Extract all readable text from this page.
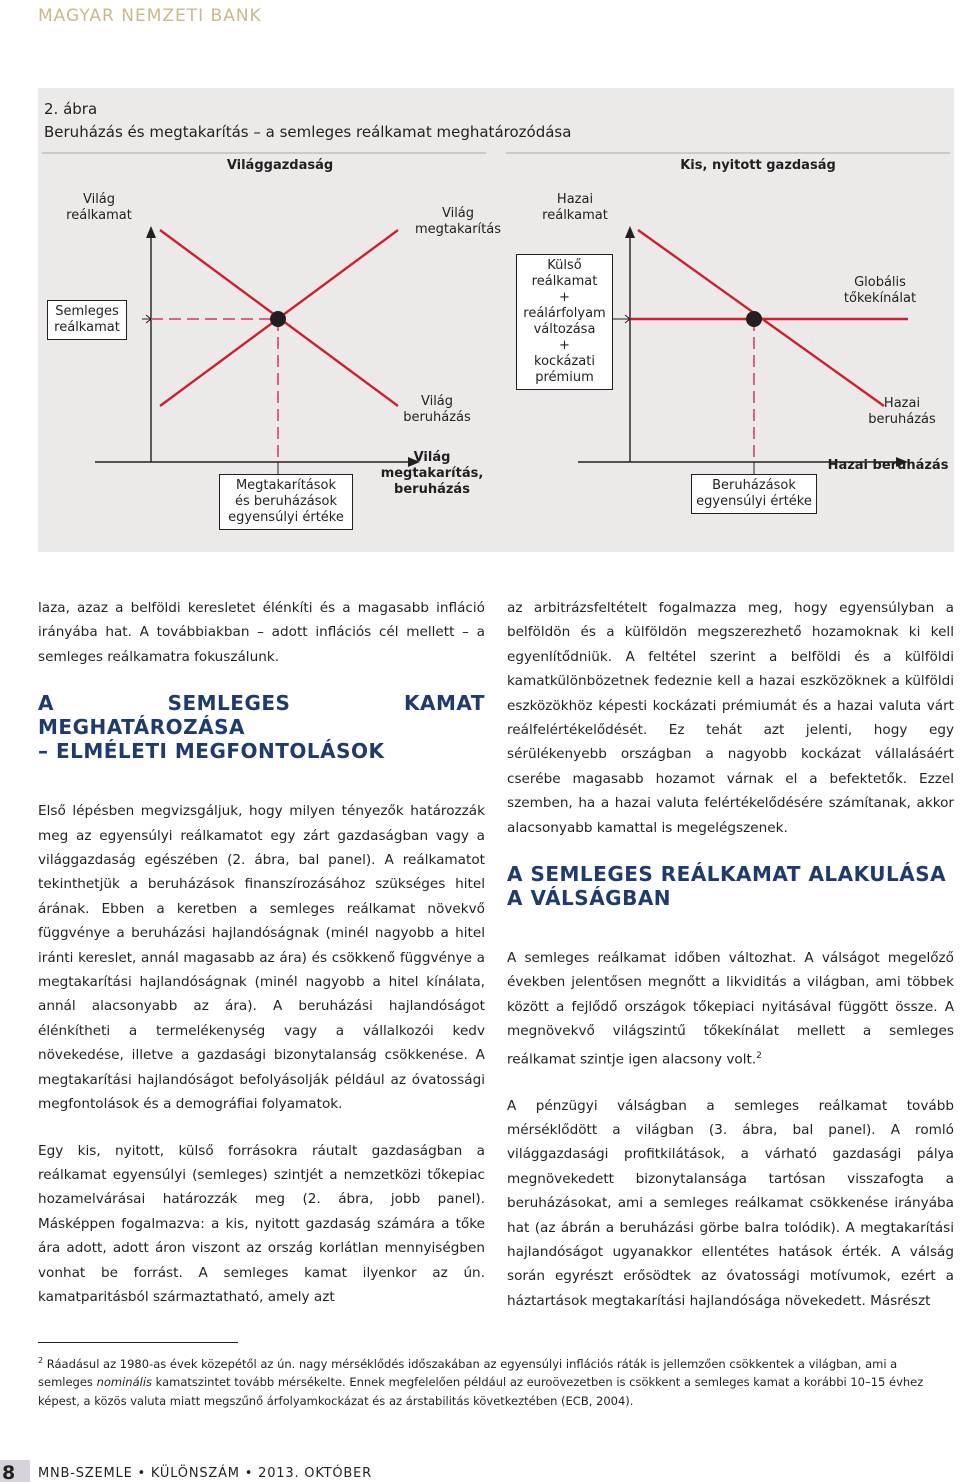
MAGYAR NEMZETI BANK
2. ábra
Beruházás és megtakarítás – a semleges reálkamat meghatározódása
Világgazdaság	Kis, nyitott gazdaság
Világ
reálkamat	Világ
megtakarítás
Hazai
reálkamat
Semleges
reálkamat
Külső
reálkamat
+
reálárfolyam
változása
+
kockázati
prémium
Globális
tőkekínálat
Világ
beruházás
Hazai
beruházás
Megtakarítások
és beruházások
egyensúlyi értéke
Világ
megtakarítás,
beruházás	Beruházások
egyensúlyi értéke
Hazai beruházás

laza, azaz a belföldi keresletet élénkíti és a magasabb infláció irányába hat. A továbbiakban – adott inflációs cél mellett – a semleges reálkamatra fokuszálunk.

A SEMLEGES KAMAT MEGHATÁROZÁSA
– ELMÉLETI MEGFONTOLÁSOK

Első lépésben megvizsgáljuk, hogy milyen tényezők határozzák meg az egyensúlyi reálkamatot egy zárt gazdaságban vagy a világgazdaság egészében (2. ábra, bal panel). A reálkamatot tekinthetjük a beruházások finanszírozásához szükséges hitel árának. Ebben a keretben a semleges reálkamat növekvő függvénye a beruházási hajlandóságnak (minél nagyobb a hitel iránti kereslet, annál magasabb az ára) és csökkenő függvénye a megtakarítási hajlandóságnak (minél nagyobb a hitel kínálata, annál alacsonyabb az ára). A beruházási hajlandóságot élénkítheti a termelékenység vagy a vállalkozói kedv növekedése, illetve a gazdasági bizonytalanság csökkenése. A megtakarítási hajlandóságot befolyásolják például az óvatossági megfontolások és a demográfiai folyamatok.

Egy kis, nyitott, külső forrásokra ráutalt gazdaságban a reálkamat egyensúlyi (semleges) szintjét a nemzetközi tőkepiac hozamelvárásai határozzák meg (2. ábra, jobb panel). Másképpen fogalmazva: a kis, nyitott gazdaság számára a tőke ára adott, adott áron viszont az ország korlátlan mennyiségben vonhat be forrást. A semleges kamat ilyenkor az ún. kamatparitásból származtatható, amely azt

az arbitrázsfeltételt fogalmazza meg, hogy egyensúlyban a belföldön és a külföldön megszerezhető hozamoknak ki kell egyenlítődniük. A feltétel szerint a belföldi és a külföldi kamatkülönbözetnek fedeznie kell a hazai eszközöknek a külföldi eszközökhöz képesti kockázati prémiumát és a hazai valuta várt reálfelértékelődését. Ez tehát azt jelenti, hogy egy sérülékenyebb országban a nagyobb kockázat vállalásáért cserébe magasabb hozamot várnak el a befektetők. Ezzel szemben, ha a hazai valuta felértékelődésére számítanak, akkor alacsonyabb kamattal is megelégszenek.

A SEMLEGES REÁLKAMAT ALAKULÁSA
A VÁLSÁGBAN

A semleges reálkamat időben változhat. A válságot megelőző években jelentősen megnőtt a likviditás a világban, ami többek között a fejlődő országok tőkepiaci nyitásával függött össze. A megnövekvő világszintű tőkekínálat mellett a semleges reálkamat szintje igen alacsony volt.$^2$

A pénzügyi válságban a semleges reálkamat tovább mérséklődött a világban (3. ábra, bal panel). A romló világgazdasági profitkilátások, a várható gazdasági pálya megnövekedett bizonytalansága tartósan visszafogta a beruházásokat, ami a semleges reálkamat csökkenése irányába hat (az ábrán a beruházási görbe balra tolódik). A megtakarítási hajlandóságot ugyanakkor ellentétes hatások érték. A válság során egyrészt erősödtek az óvatossági motívumok, ezért a háztartások megtakarítási hajlandósága növekedett. Másrészt

$^2$ Ráadásul az 1980-as évek közepétől az ún. nagy mérséklődés időszakában az egyensúlyi inflációs ráták is jellemzően csökkentek a világban, ami a semleges nominális kamatszintet tovább mérsékelte. Ennek megfelelően például az euroövezetben is csökkent a semleges kamat a korábbi 10–15 évhez képest, a közös valuta miatt megszűnő árfolyamkockázat és az árstabilitás következtében (ECB, 2004).
8 MNB-SZEMLE • KÜLÖNSZÁM • 2013. OKTÓBER
